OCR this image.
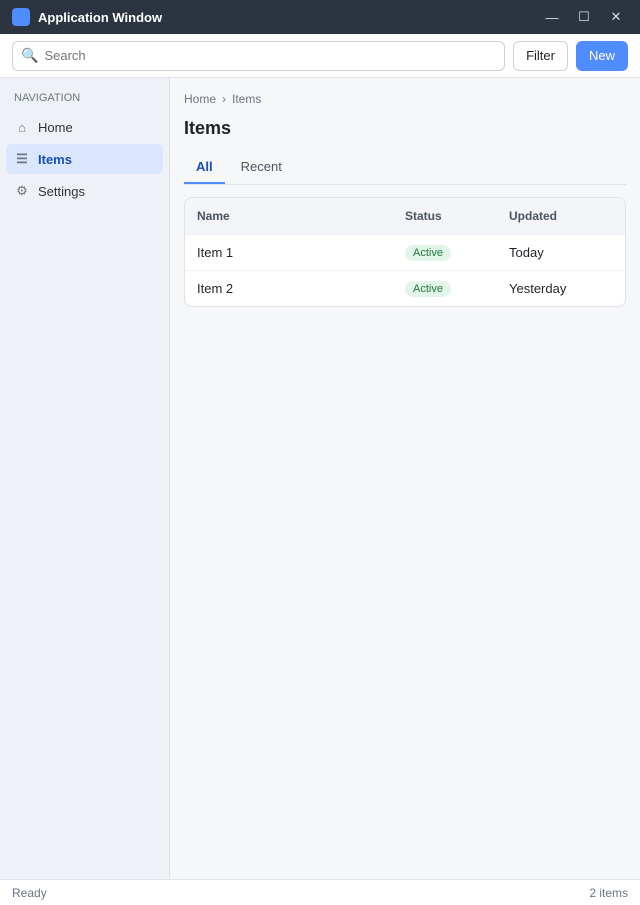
Application Window	—	☐	✕
🔍
Search	Filter	New
NAVIGATION
⌂ Home
☰ Items
⚙ Settings
Home › Items
Items
All	Recent
Name	Status	Updated
Item 1	Active	Today
Item 2	Active	Yesterday
Ready	2 items
